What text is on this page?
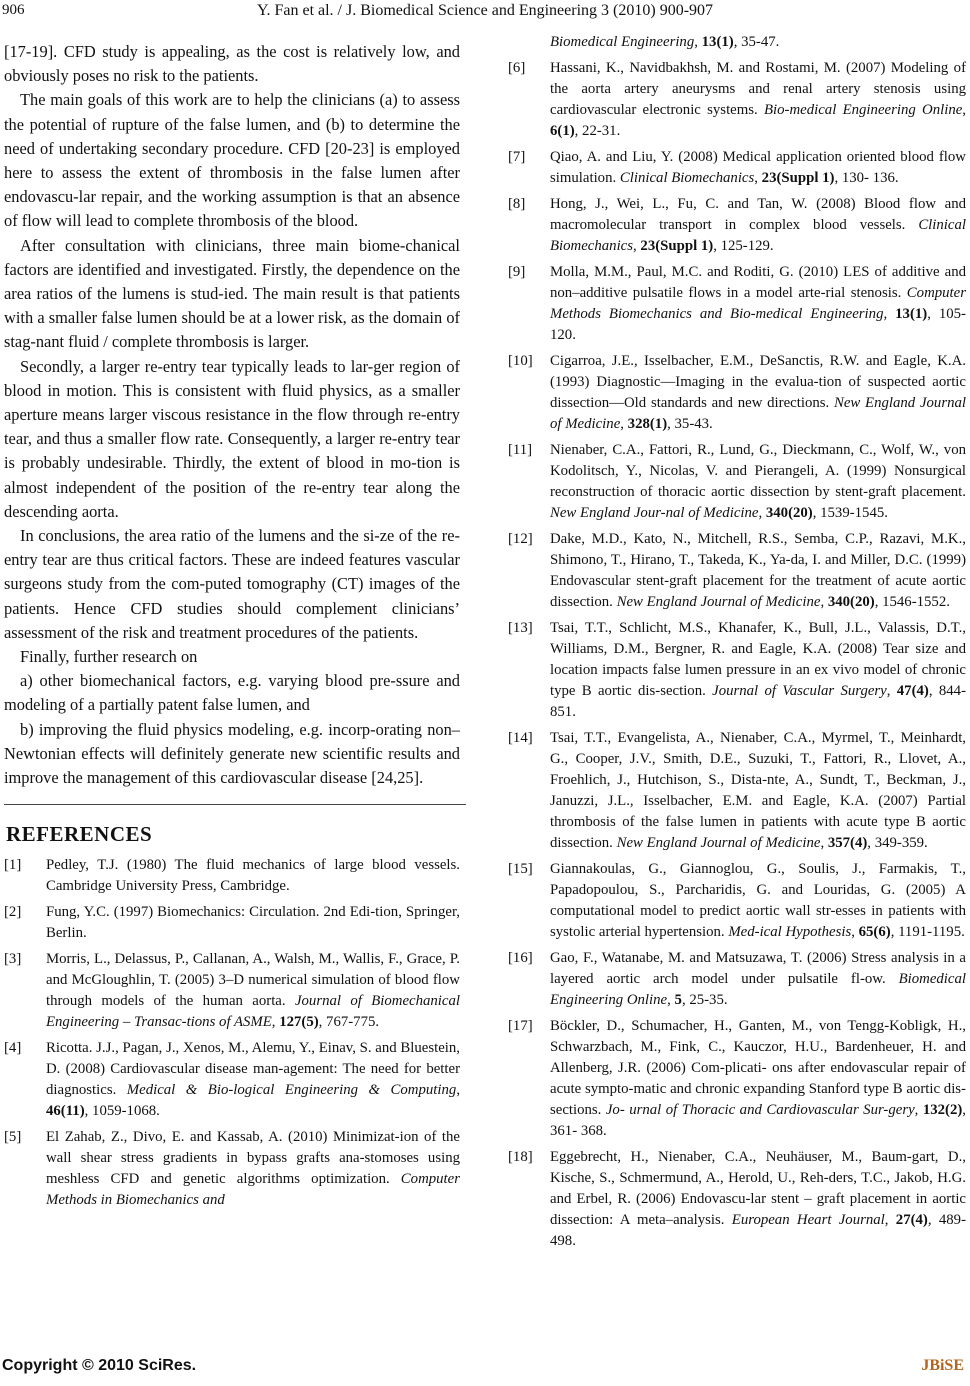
906	Y. Fan et al. / J. Biomedical Science and Engineering 3 (2010) 900-907

[17-19]. CFD study is appealing, as the cost is relatively low, and obviously poses no risk to the patients.

The main goals of this work are to help the clinicians (a) to assess the potential of rupture of the false lumen, and (b) to determine the need of undertaking secondary procedure. CFD [20-23] is employed here to assess the extent of thrombosis in the false lumen after endovascu-lar repair, and the working assumption is that an absence of flow will lead to complete thrombosis of the blood.

After consultation with clinicians, three main biome-chanical factors are identified and investigated. Firstly, the dependence on the area ratios of the lumens is stud-ied. The main result is that patients with a smaller false lumen should be at a lower risk, as the domain of stag-nant fluid / complete thrombosis is larger.

Secondly, a larger re-entry tear typically leads to lar-ger region of blood in motion. This is consistent with fluid physics, as a smaller aperture means larger viscous resistance in the flow through re-entry tear, and thus a smaller flow rate. Consequently, a larger re-entry tear is probably undesirable. Thirdly, the extent of blood in mo-tion is almost independent of the position of the re-entry tear along the descending aorta.

In conclusions, the area ratio of the lumens and the si-ze of the re-entry tear are thus critical factors. These are indeed features vascular surgeons study from the com-puted tomography (CT) images of the patients. Hence CFD studies should complement clinicians’ assessment of the risk and treatment procedures of the patients.

Finally, further research on

a) other biomechanical factors, e.g. varying blood pre-ssure and modeling of a partially patent false lumen, and

b) improving the fluid physics modeling, e.g. incorp-orating non–Newtonian effects will definitely generate new scientific results and improve the management of this cardiovascular disease [24,25].

REFERENCES
[1]	Pedley, T.J. (1980) The fluid mechanics of large blood vessels. Cambridge University Press, Cambridge.
[2]	Fung, Y.C. (1997) Biomechanics: Circulation. 2nd Edi-tion, Springer, Berlin.
[3]	Morris, L., Delassus, P., Callanan, A., Walsh, M., Wallis, F., Grace, P. and McGloughlin, T. (2005) 3–D numerical simulation of blood flow through models of the human aorta. Journal of Biomechanical Engineering – Transac-tions of ASME, 127(5), 767-775.
[4]	Ricotta. J.J., Pagan, J., Xenos, M., Alemu, Y., Einav, S. and Bluestein, D. (2008) Cardiovascular disease man-agement: The need for better diagnostics. Medical & Bio-logical Engineering & Computing, 46(11), 1059-1068.
[5]	El Zahab, Z., Divo, E. and Kassab, A. (2010) Minimizat-ion of the wall shear stress gradients in bypass grafts ana-stomoses using meshless CFD and genetic algorithms optimization. Computer Methods in Biomechanics and
Biomedical Engineering, 13(1), 35-47.
[6]	Hassani, K., Navidbakhsh, M. and Rostami, M. (2007) Modeling of the aorta artery aneurysms and renal artery stenosis using cardiovascular electronic systems. Bio-medical Engineering Online, 6(1), 22-31.
[7]	Qiao, A. and Liu, Y. (2008) Medical application oriented blood flow simulation. Clinical Biomechanics, 23(Suppl 1), 130- 136.
[8]	Hong, J., Wei, L., Fu, C. and Tan, W. (2008) Blood flow and macromolecular transport in complex blood vessels. Clinical Biomechanics, 23(Suppl 1), 125-129.
[9]	Molla, M.M., Paul, M.C. and Roditi, G. (2010) LES of additive and non–additive pulsatile flows in a model arte-rial stenosis. Computer Methods Biomechanics and Bio-medical Engineering, 13(1), 105-120.
[10]	Cigarroa, J.E., Isselbacher, E.M., DeSanctis, R.W. and Eagle, K.A. (1993) Diagnostic—Imaging in the evalua-tion of suspected aortic dissection—Old standards and new directions. New England Journal of Medicine, 328(1), 35-43.
[11]	Nienaber, C.A., Fattori, R., Lund, G., Dieckmann, C., Wolf, W., von Kodolitsch, Y., Nicolas, V. and Pierangeli, A. (1999) Nonsurgical reconstruction of thoracic aortic dissection by stent-graft placement. New England Jour-nal of Medicine, 340(20), 1539-1545.
[12]	Dake, M.D., Kato, N., Mitchell, R.S., Semba, C.P., Razavi, M.K., Shimono, T., Hirano, T., Takeda, K., Ya-da, I. and Miller, D.C. (1999) Endovascular stent-graft placement for the treatment of acute aortic dissection. New England Journal of Medicine, 340(20), 1546-1552.
[13]	Tsai, T.T., Schlicht, M.S., Khanafer, K., Bull, J.L., Valassis, D.T., Williams, D.M., Bergner, R. and Eagle, K.A. (2008) Tear size and location impacts false lumen pressure in an ex vivo model of chronic type B aortic dis-section. Journal of Vascular Surgery, 47(4), 844-851.
[14]	Tsai, T.T., Evangelista, A., Nienaber, C.A., Myrmel, T., Meinhardt, G., Cooper, J.V., Smith, D.E., Suzuki, T., Fattori, R., Llovet, A., Froehlich, J., Hutchison, S., Dista-nte, A., Sundt, T., Beckman, J., Januzzi, J.L., Isselbacher, E.M. and Eagle, K.A. (2007) Partial thrombosis of the false lumen in patients with acute type B aortic dissection. New England Journal of Medicine, 357(4), 349-359.
[15]	Giannakoulas, G., Giannoglou, G., Soulis, J., Farmakis, T., Papadopoulou, S., Parcharidis, G. and Louridas, G. (2005) A computational model to predict aortic wall str-esses in patients with systolic arterial hypertension. Med-ical Hypothesis, 65(6), 1191-1195.
[16]	Gao, F., Watanabe, M. and Matsuzawa, T. (2006) Stress analysis in a layered aortic arch model under pulsatile fl-ow. Biomedical Engineering Online, 5, 25-35.
[17]	Böckler, D., Schumacher, H., Ganten, M., von Tengg-Kobligk, H., Schwarzbach, M., Fink, C., Kauczor, H.U., Bardenheuer, H. and Allenberg, J.R. (2006) Com-plicati- ons after endovascular repair of acute sympto-matic and chronic expanding Stanford type B aortic dis-sections. Jo- urnal of Thoracic and Cardiovascular Sur-gery, 132(2), 361- 368.
[18]	Eggebrecht, H., Nienaber, C.A., Neuhäuser, M., Baum-gart, D., Kische, S., Schmermund, A., Herold, U., Reh-ders, T.C., Jakob, H.G. and Erbel, R. (2006) Endovascu-lar stent – graft placement in aortic dissection: A meta–analysis. European Heart Journal, 27(4), 489-498.
Copyright © 2010 SciRes.	JBiSE
